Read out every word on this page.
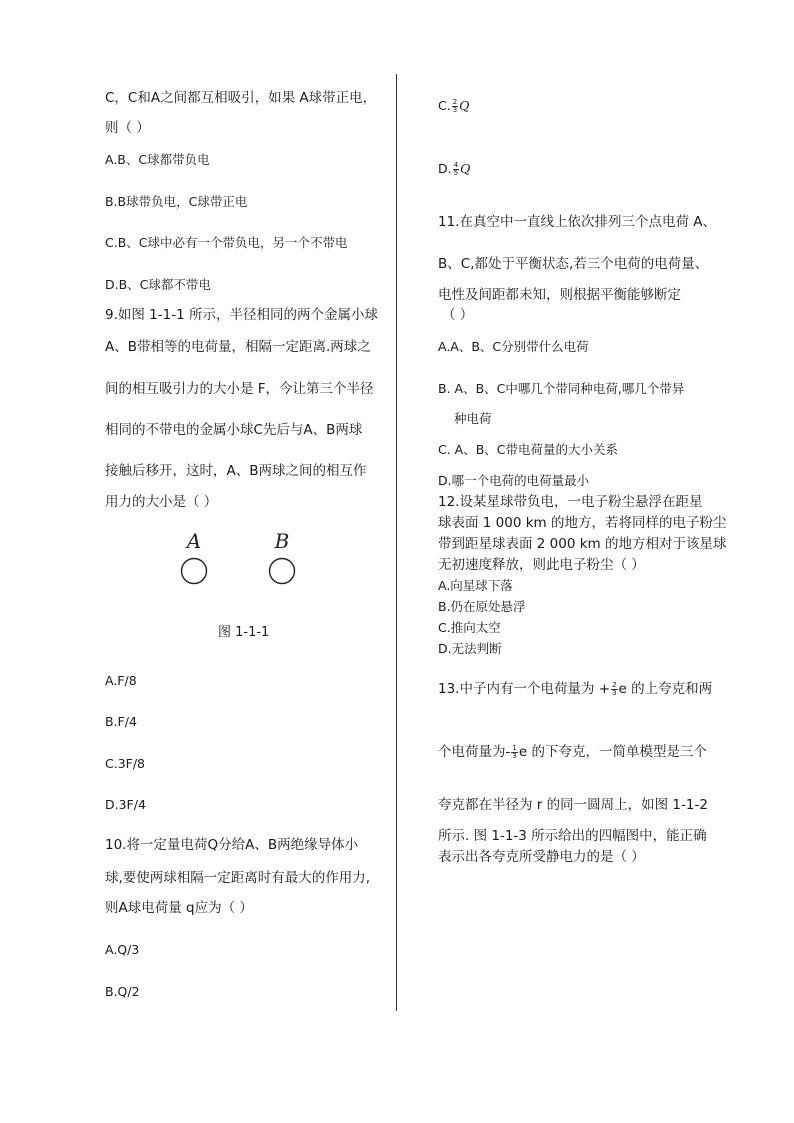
C，C和A之间都互相吸引，如果 A球带正电，
则（ ）
A.B、C球都带负电
B.B球带负电，C球带正电
C.B、C球中必有一个带负电，另一个不带电
D.B、C球都不带电
9.如图 1-1-1 所示，半径相同的两个金属小球
A、B带相等的电荷量，相隔一定距离.两球之
间的相互吸引力的大小是 F，今让第三个半径
相同的不带电的金属小球C先后与A、B两球
接触后移开，这时，A、B两球之间的相互作
用力的大小是（ ）
A	B
图 1-1-1
A.F/8
B.F/4
C.3F/8
D.3F/4
10.将一定量电荷Q分给A、B两绝缘导体小
球,要使两球相隔一定距离时有最大的作用力,
则A球电荷量 q应为（ ）
A.Q/3
B.Q/2
C. $\frac{2}{3}$ Q
D. $\frac{4}{5}$ Q
11.在真空中一直线上依次排列三个点电荷 A、
B、C,都处于平衡状态,若三个电荷的电荷量、
电性及间距都未知，则根据平衡能够断定
（ ）
A.A、B、C分别带什么电荷
B. A、B、C中哪几个带同种电荷,哪几个带异
种电荷
C. A、B、C带电荷量的大小关系
D.哪一个电荷的电荷量最小
12.设某星球带负电，一电子粉尘悬浮在距星
球表面 1 000 km 的地方，若将同样的电子粉尘
带到距星球表面 2 000 km 的地方相对于该星球
无初速度释放，则此电子粉尘（ ）
A.向星球下落
B.仍在原处悬浮
C.推向太空
D.无法判断
13.中子内有一个电荷量为 + $\frac{2}{3}$ e 的上夸克和两
个电荷量为- $\frac{1}{3}$ e 的下夸克，一简单模型是三个
夸克都在半径为 r 的同一圆周上，如图 1-1-2
所示. 图 1-1-3 所示给出的四幅图中，能正确
表示出各夸克所受静电力的是（ ）
